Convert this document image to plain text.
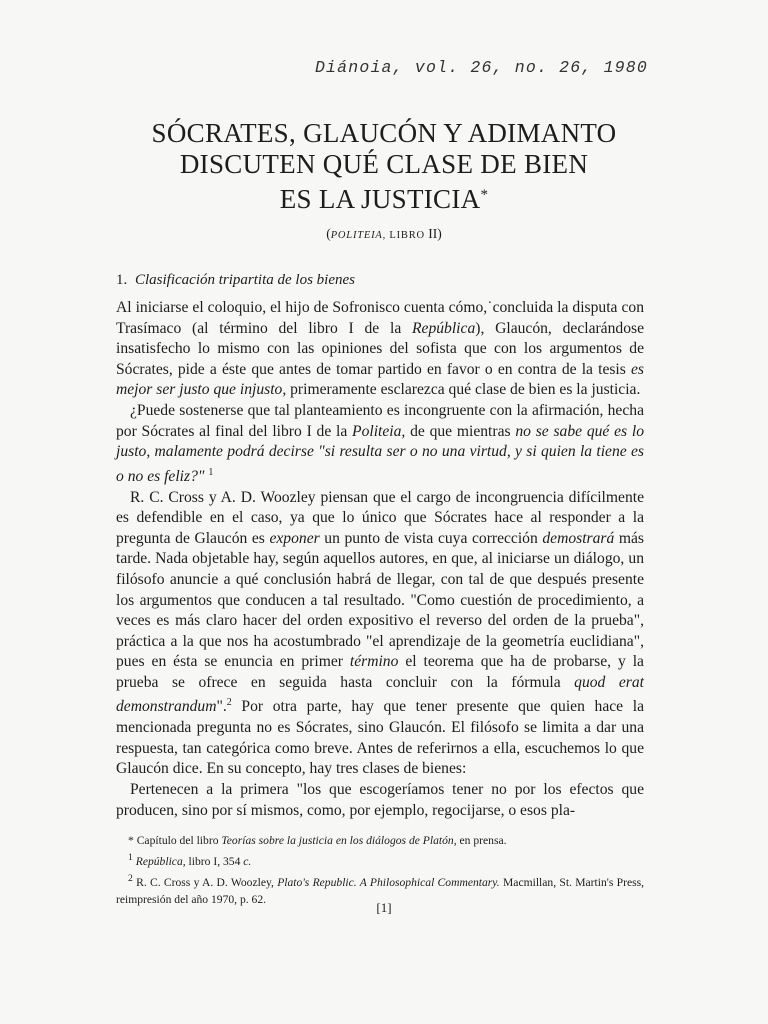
Diánoia, vol. 26, no. 26, 1980
SÓCRATES, GLAUCÓN Y ADIMANTO
DISCUTEN QUÉ CLASE DE BIEN
ES LA JUSTICIA*
(POLITEIA, LIBRO II)
1. Clasificación tripartita de los bienes

Al iniciarse el coloquio, el hijo de Sofronisco cuenta cómo,˙concluida la disputa con Trasímaco (al término del libro I de la República), Glaucón, declarándose insatisfecho lo mismo con las opiniones del sofista que con los argumentos de Sócrates, pide a éste que antes de tomar partido en favor o en contra de la tesis es mejor ser justo que injusto, primeramente esclarezca qué clase de bien es la justicia.

¿Puede sostenerse que tal planteamiento es incongruente con la afirmación, hecha por Sócrates al final del libro I de la Politeia, de que mientras no se sabe qué es lo justo, malamente podrá decirse "si resulta ser o no una virtud, y si quien la tiene es o no es feliz?" $^1$

R. C. Cross y A. D. Woozley piensan que el cargo de incongruencia difícilmente es defendible en el caso, ya que lo único que Sócrates hace al responder a la pregunta de Glaucón es exponer un punto de vista cuya corrección demostrará más tarde. Nada objetable hay, según aquellos autores, en que, al iniciarse un diálogo, un filósofo anuncie a qué conclusión habrá de llegar, con tal de que después presente los argumentos que conducen a tal resultado. "Como cuestión de procedimiento, a veces es más claro hacer del orden expositivo el reverso del orden de la prueba", práctica a la que nos ha acostumbrado "el aprendizaje de la geometría euclidiana", pues en ésta se enuncia en primer término el teorema que ha de probarse, y la prueba se ofrece en seguida hasta concluir con la fórmula quod erat demonstrandum".$^2$ Por otra parte, hay que tener presente que quien hace la mencionada pregunta no es Sócrates, sino Glaucón. El filósofo se limita a dar una respuesta, tan categórica como breve. Antes de referirnos a ella, escuchemos lo que Glaucón dice. En su concepto, hay tres clases de bienes:

Pertenecen a la primera "los que escogeríamos tener no por los efectos que producen, sino por sí mismos, como, por ejemplo, regocijarse, o esos pla-

* Capítulo del libro Teorías sobre la justicia en los diálogos de Platón, en prensa.

$^1$ República, libro I, 354 c.

$^2$ R. C. Cross y A. D. Woozley, Plato's Republic. A Philosophical Commentary. Macmillan, St. Martin's Press, reimpresión del año 1970, p. 62.

[1]
